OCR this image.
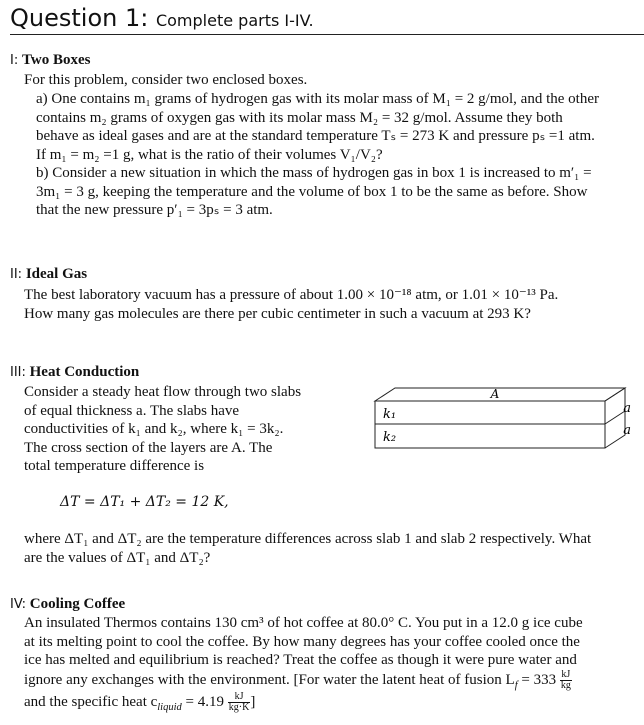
Question 1: Complete parts I-IV.
I: Two Boxes
For this problem, consider two enclosed boxes.
a) One contains m₁ grams of hydrogen gas with its molar mass of M₁ = 2 g/mol, and the other
contains m₂ grams of oxygen gas with its molar mass M₂ = 32 g/mol. Assume they both
behave as ideal gases and are at the standard temperature Tₛ = 273 K and pressure pₛ =1 atm.
If m₁ = m₂ =1 g, what is the ratio of their volumes V₁/V₂?
b) Consider a new situation in which the mass of hydrogen gas in box 1 is increased to m′₁ =
3m₁ = 3 g, keeping the temperature and the volume of box 1 to be the same as before. Show
that the new pressure p′₁ = 3pₛ = 3 atm.
II: Ideal Gas
The best laboratory vacuum has a pressure of about 1.00 × 10⁻¹⁸ atm, or 1.01 × 10⁻¹³ Pa.
How many gas molecules are there per cubic centimeter in such a vacuum at 293 K?
III: Heat Conduction
Consider a steady heat flow through two slabs
of equal thickness a. The slabs have
conductivities of k₁ and k₂, where k₁ = 3k₂.
The cross section of the layers are A. The
total temperature difference is
A
k₁
k₂
a
a
ΔT = ΔT₁ + ΔT₂ = 12 K,
where ΔT₁ and ΔT₂ are the temperature differences across slab 1 and slab 2 respectively. What
are the values of ΔT₁ and ΔT₂?
IV: Cooling Coffee
An insulated Thermos contains 130 cm³ of hot coffee at 80.0° C. You put in a 12.0 g ice cube
at its melting point to cool the coffee. By how many degrees has your coffee cooled once the
ice has melted and equilibrium is reached? Treat the coffee as though it were pure water and
ignore any exchanges with the environment. [For water the latent heat of fusion $L_f = 333 \frac{kJ}{kg}$
and the specific heat $c_{liquid} = 4.19 \frac{kJ}{kg\cdot K}$ ]
